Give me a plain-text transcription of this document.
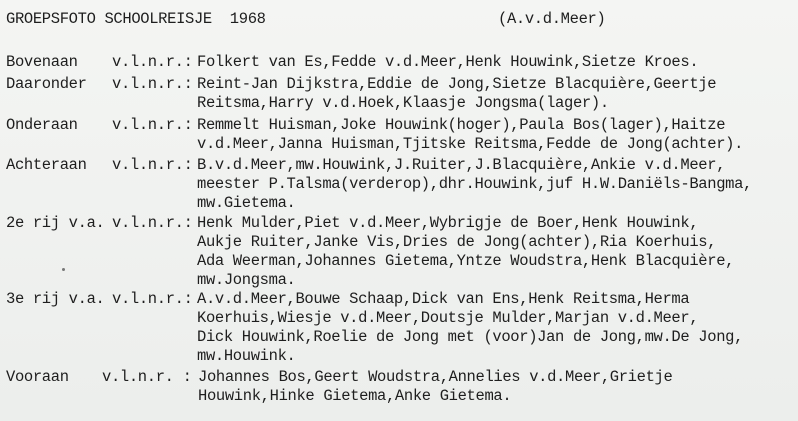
GROEPSFOTO SCHOOLREISJE  1968	(A.v.d.Meer)
Bovenaan v.l.n.r.: Folkert van Es,Fedde v.d.Meer,Henk Houwink,Sietze Kroes.
Daaronder v.l.n.r.: Reint-Jan Dijkstra,Eddie de Jong,Sietze Blacquière,Geertje
Reitsma,Harry v.d.Hoek,Klaasje Jongsma(lager).
Onderaan v.l.n.r.: Remmelt Huisman,Joke Houwink(hoger),Paula Bos(lager),Haitze
v.d.Meer,Janna Huisman,Tjitske Reitsma,Fedde de Jong(achter).
Achteraan v.l.n.r.: B.v.d.Meer,mw.Houwink,J.Ruiter,J.Blacquière,Ankie v.d.Meer,
meester P.Talsma(verderop),dhr.Houwink,juf H.W.Daniëls-Bangma,
mw.Gietema.
2e rij v.a. v.l.n.r.: Henk Mulder,Piet v.d.Meer,Wybrigje de Boer,Henk Houwink,
Aukje Ruiter,Janke Vis,Dries de Jong(achter),Ria Koerhuis,
Ada Weerman,Johannes Gietema,Yntze Woudstra,Henk Blacquière,
mw.Jongsma.
3e rij v.a. v.l.n.r.: A.v.d.Meer,Bouwe Schaap,Dick van Ens,Henk Reitsma,Herma
Koerhuis,Wiesje v.d.Meer,Doutsje Mulder,Marjan v.d.Meer,
Dick Houwink,Roelie de Jong met (voor)Jan de Jong,mw.De Jong,
mw.Houwink.
Vooraan v.l.n.r. : Johannes Bos,Geert Woudstra,Annelies v.d.Meer,Grietje
Houwink,Hinke Gietema,Anke Gietema.
